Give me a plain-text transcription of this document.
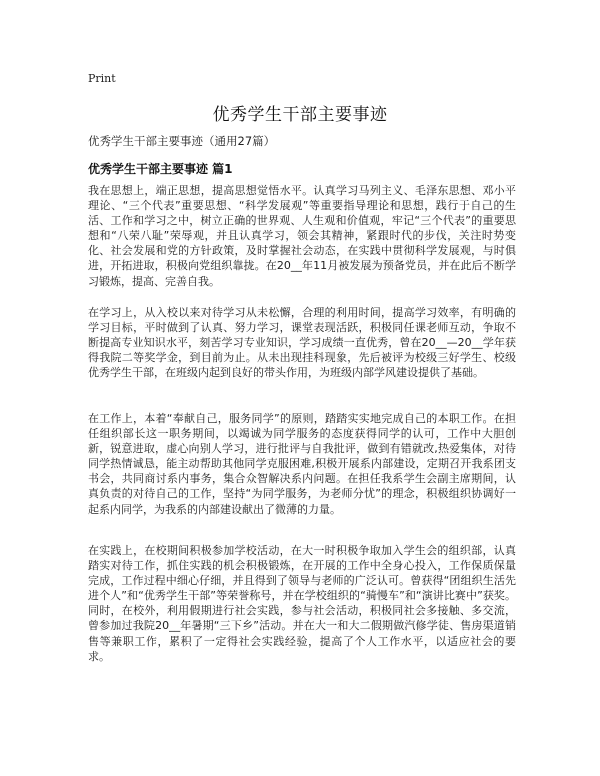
Print
优秀学生干部主要事迹
优秀学生干部主要事迹（通用27篇）
优秀学生干部主要事迹 篇1

我在思想上，端正思想，提高思想觉悟水平。认真学习马列主义、毛泽东思想、邓小平理论、“三个代表”重要思想、“科学发展观”等重要指导理论和思想，践行于自己的生活、工作和学习之中，树立正确的世界观、人生观和价值观，牢记“三个代表”的重要思想和“八荣八耻”荣辱观，并且认真学习，领会其精神，紧跟时代的步伐，关注时势变化、社会发展和党的方针政策，及时掌握社会动态，在实践中贯彻科学发展观，与时俱进，开拓进取，积极向党组织靠拢。在20__年11月被发展为预备党员，并在此后不断学习锻炼，提高、完善自我。

在学习上，从入校以来对待学习从未松懈，合理的利用时间，提高学习效率，有明确的学习目标，平时做到了认真、努力学习，课堂表现活跃，积极同任课老师互动，争取不断提高专业知识水平，刻苦学习专业知识，学习成绩一直优秀，曾在20__—20__学年获得我院二等奖学金，到目前为止。从未出现挂科现象，先后被评为校级三好学生、校级优秀学生干部，在班级内起到良好的带头作用，为班级内部学风建设提供了基础。

在工作上，本着“奉献自己，服务同学”的原则，踏踏实实地完成自己的本职工作。在担任组织部长这一职务期间，以竭诚为同学服务的态度获得同学的认可，工作中大胆创新，锐意进取，虚心向别人学习，进行批评与自我批评，做到有错就改,热爱集体，对待同学热情诚恳，能主动帮助其他同学克服困难,积极开展系内部建设，定期召开我系团支书会，共同商讨系内事务，集合众智解决系内问题。在担任我系学生会副主席期间，认真负责的对待自己的工作，坚持“为同学服务，为老师分忧”的理念，积极组织协调好一起系内同学，为我系的内部建设献出了微薄的力量。

在实践上，在校期间积极参加学校活动，在大一时积极争取加入学生会的组织部，认真踏实对待工作，抓住实践的机会积极锻炼，在开展的工作中全身心投入，工作保质保量完成，工作过程中细心仔细，并且得到了领导与老师的广泛认可。曾获得“团组织生活先进个人”和“优秀学生干部”等荣誉称号，并在学校组织的“骑慢车”和“演讲比赛中”获奖。同时，在校外，利用假期进行社会实践，参与社会活动，积极同社会多接触、多交流，曾参加过我院20__年暑期“三下乡”活动。并在大一和大二假期做汽修学徒、售房渠道销售等兼职工作，累积了一定得社会实践经验，提高了个人工作水平，以适应社会的要求。
